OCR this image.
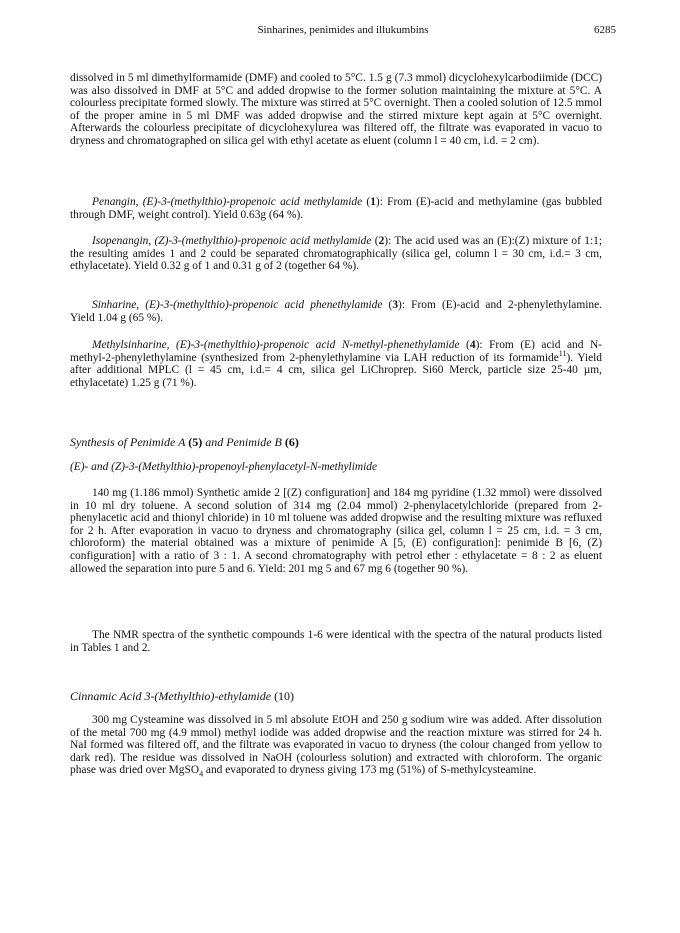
Sinharines, penimides and illukumbins	6285

dissolved in 5 ml dimethylformamide (DMF) and cooled to 5°C. 1.5 g (7.3 mmol) dicyclohexylcarbodiimide (DCC) was also dissolved in DMF at 5°C and added dropwise to the former solution maintaining the mixture at 5°C. A colourless precipitate formed slowly. The mixture was stirred at 5°C overnight. Then a cooled solution of 12.5 mmol of the proper amine in 5 ml DMF was added dropwise and the stirred mixture kept again at 5°C overnight. Afterwards the colourless precipitate of dicyclohexylurea was filtered off, the filtrate was evaporated in vacuo to dryness and chromatographed on silica gel with ethyl acetate as eluent (column l = 40 cm, i.d. = 2 cm).

Penangin, (E)-3-(methylthio)-propenoic acid methylamide (1): From (E)-acid and methylamine (gas bubbled through DMF, weight control). Yield 0.63g (64 %).

Isopenangin, (Z)-3-(methylthio)-propenoic acid methylamide (2): The acid used was an (E):(Z) mixture of 1:1; the resulting amides 1 and 2 could be separated chromatographically (silica gel, column l = 30 cm, i.d.= 3 cm, ethylacetate). Yield 0.32 g of 1 and 0.31 g of 2 (together 64 %).

Sinharine, (E)-3-(methylthio)-propenoic acid phenethylamide (3): From (E)-acid and 2-phenylethylamine. Yield 1.04 g (65 %).

Methylsinharine, (E)-3-(methylthio)-propenoic acid N-methyl-phenethylamide (4): From (E) acid and N-methyl-2-phenylethylamine (synthesized from 2-phenylethylamine via LAH reduction of its formamide$^{11}$). Yield after additional MPLC (l = 45 cm, i.d.= 4 cm, silica gel LiChroprep. Si60 Merck, particle size 25-40 µm, ethylacetate) 1.25 g (71 %).

Synthesis of Penimide A (5) and Penimide B (6)
(E)- and (Z)-3-(Methylthio)-propenoyl-phenylacetyl-N-methylimide

140 mg (1.186 mmol) Synthetic amide 2 [(Z) configuration] and 184 mg pyridine (1.32 mmol) were dissolved in 10 ml dry toluene. A second solution of 314 mg (2.04 mmol) 2-phenylacetylchloride (prepared from 2-phenylacetic acid and thionyl chloride) in 10 ml toluene was added dropwise and the resulting mixture was refluxed for 2 h. After evaporation in vacuo to dryness and chromatography (silica gel, column l = 25 cm, i.d. = 3 cm, chloroform) the material obtained was a mixture of penimide A [5, (E) configuration]: penimide B [6, (Z) configuration] with a ratio of 3 : 1. A second chromatography with petrol ether : ethylacetate = 8 : 2 as eluent allowed the separation into pure 5 and 6. Yield: 201 mg 5 and 67 mg 6 (together 90 %).

The NMR spectra of the synthetic compounds 1-6 were identical with the spectra of the natural products listed in Tables 1 and 2.

Cinnamic Acid 3-(Methylthio)-ethylamide (10)

300 mg Cysteamine was dissolved in 5 ml absolute EtOH and 250 g sodium wire was added. After dissolution of the metal 700 mg (4.9 mmol) methyl iodide was added dropwise and the reaction mixture was stirred for 24 h. NaI formed was filtered off, and the filtrate was evaporated in vacuo to dryness (the colour changed from yellow to dark red). The residue was dissolved in NaOH (colourless solution) and extracted with chloroform. The organic phase was dried over MgSO$_4$ and evaporated to dryness giving 173 mg (51%) of S-methylcysteamine.
